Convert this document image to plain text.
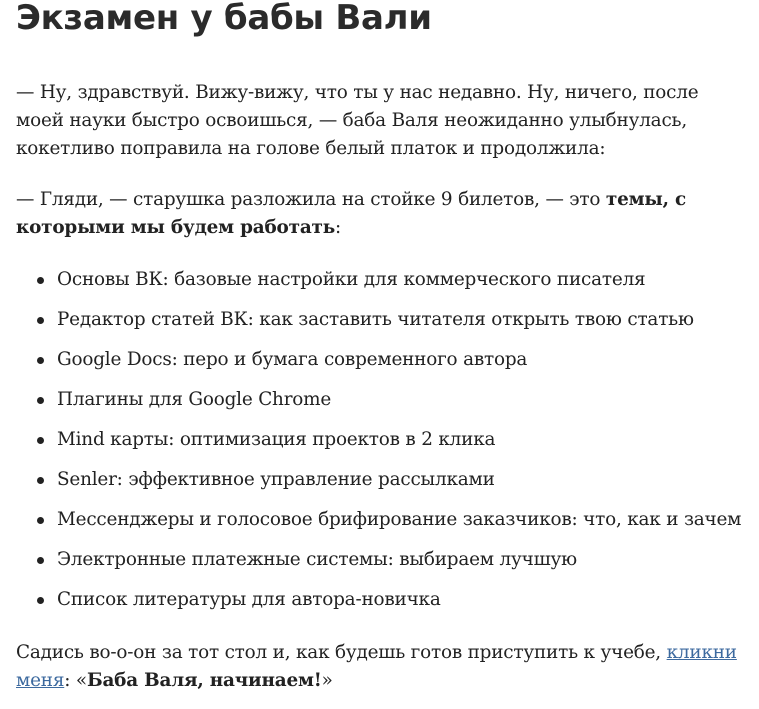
Экзамен у бабы Вали

— Ну, здравствуй. Вижу-вижу, что ты у нас недавно. Ну, ничего, после моей науки быстро освоишься, — баба Валя неожиданно улыбнулась, кокетливо поправила на голове белый платок и продолжила:

— Гляди, — старушка разложила на стойке 9 билетов, — это темы, с которыми мы будем работать:

Основы ВК: базовые настройки для коммерческого писателя
Редактор статей ВК: как заставить читателя открыть твою статью
Google Docs: перо и бумага современного автора
Плагины для Google Chrome
Mind карты: оптимизация проектов в 2 клика
Senler: эффективное управление рассылками
Мессенджеры и голосовое брифирование заказчиков: что, как и зачем
Электронные платежные системы: выбираем лучшую
Список литературы для автора-новичка

Садись во-о-он за тот стол и, как будешь готов приступить к учебе, кликни меня: «Баба Валя, начинаем!»
